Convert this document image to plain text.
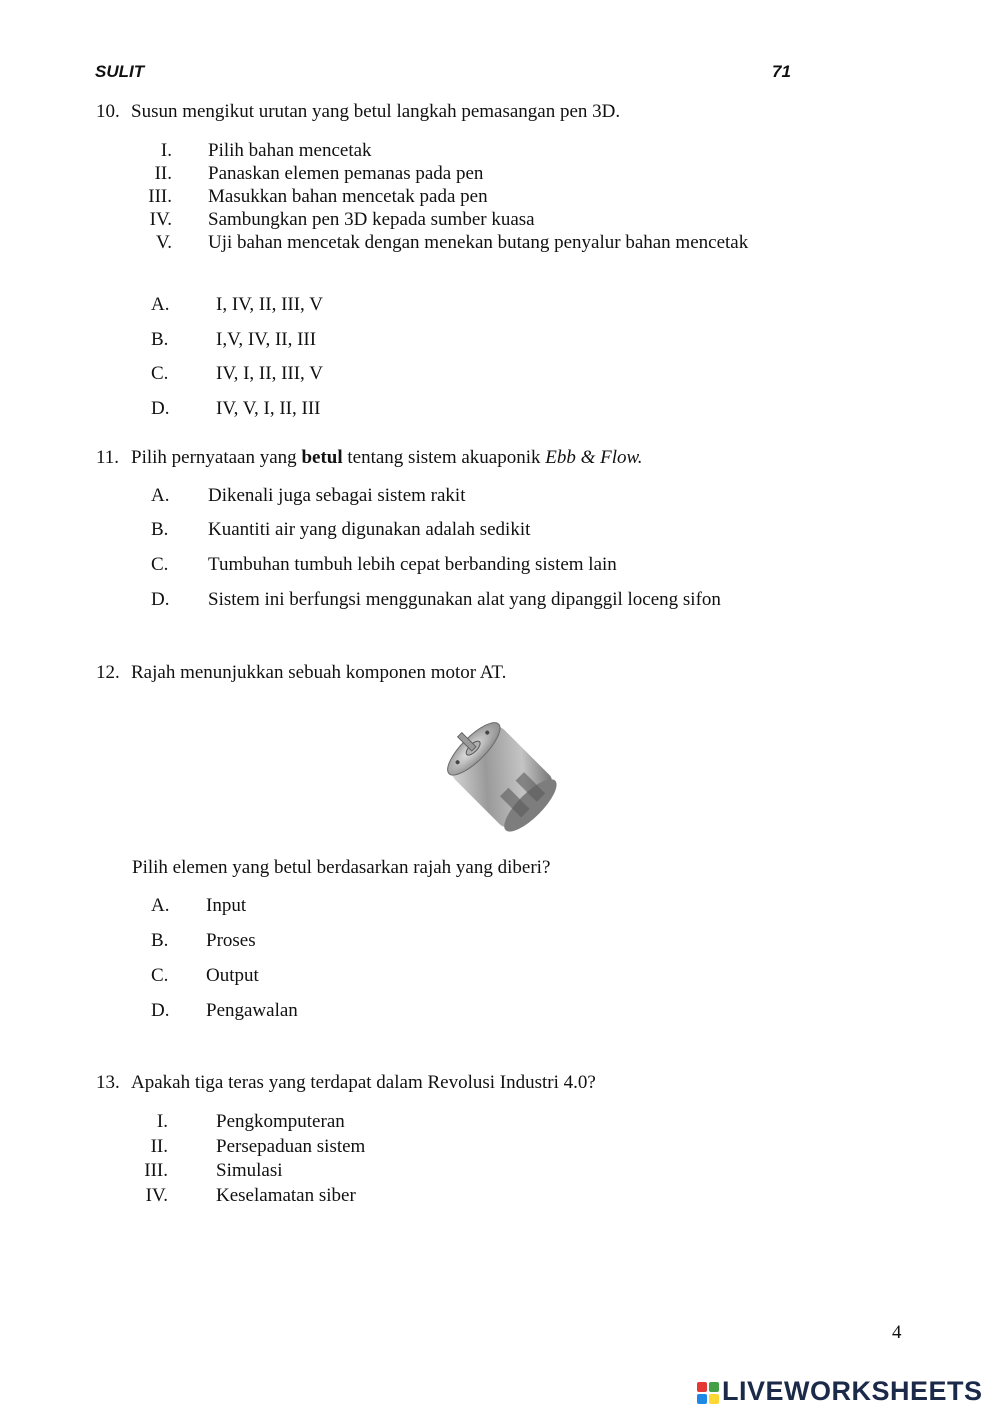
SULIT	71
10. Susun mengikut urutan yang betul langkah pemasangan pen 3D.
I. Pilih bahan mencetak
II. Panaskan elemen pemanas pada pen
III. Masukkan bahan mencetak pada pen
IV. Sambungkan pen 3D kepada sumber kuasa
V. Uji bahan mencetak dengan menekan butang penyalur bahan mencetak
A. I, IV, II, III, V
B.	I,V, IV, II, III
C.	IV, I, II, III, V
D. IV, V, I, II, III
11. Pilih pernyataan yang betul tentang sistem akuaponik Ebb & Flow.
A. Dikenali juga sebagai sistem rakit
B. Kuantiti air yang digunakan adalah sedikit
C. Tumbuhan tumbuh lebih cepat berbanding sistem lain
D. Sistem ini berfungsi menggunakan alat yang dipanggil loceng sifon
12. Rajah menunjukkan sebuah komponen motor AT.
Pilih elemen yang betul berdasarkan rajah yang diberi?
A. Input
B. Proses
C. Output
D. Pengawalan
13. Apakah tiga teras yang terdapat dalam Revolusi Industri 4.0?
I.	Pengkomputeran
II.	Persepaduan sistem
III.	Simulasi
IV.	Keselamatan siber
4
LIVEWORKSHEETS
